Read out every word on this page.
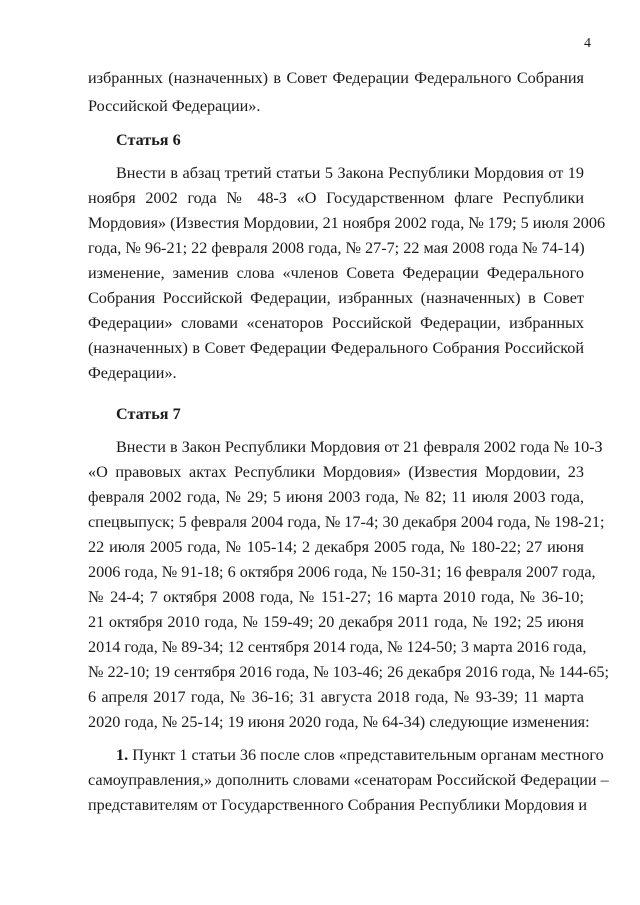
4
избранных (назначенных) в Совет Федерации Федерального Собрания
Российской Федерации».
Статья 6
Внести в абзац третий статьи 5 Закона Республики Мордовия от 19
ноября 2002 года № 48-З «О Государственном флаге Республики
Мордовия» (Известия Мордовии, 21 ноября 2002 года, № 179; 5 июля 2006
года, № 96-21; 22 февраля 2008 года, № 27-7; 22 мая 2008 года № 74-14)
изменение, заменив слова «членов Совета Федерации Федерального
Собрания Российской Федерации, избранных (назначенных) в Совет
Федерации» словами «сенаторов Российской Федерации, избранных
(назначенных) в Совет Федерации Федерального Собрания Российской
Федерации».
Статья 7
Внести в Закон Республики Мордовия от 21 февраля 2002 года № 10-З
«О правовых актах Республики Мордовия» (Известия Мордовии, 23
февраля 2002 года, № 29; 5 июня 2003 года, № 82; 11 июля 2003 года,
спецвыпуск; 5 февраля 2004 года, № 17-4; 30 декабря 2004 года, № 198-21;
22 июля 2005 года, № 105-14; 2 декабря 2005 года, № 180-22; 27 июня
2006 года, № 91-18; 6 октября 2006 года, № 150-31; 16 февраля 2007 года,
№ 24-4; 7 октября 2008 года, № 151-27; 16 марта 2010 года, № 36-10;
21 октября 2010 года, № 159-49; 20 декабря 2011 года, № 192; 25 июня
2014 года, № 89-34; 12 сентября 2014 года, № 124-50; 3 марта 2016 года,
№ 22-10; 19 сентября 2016 года, № 103-46; 26 декабря 2016 года, № 144-65;
6 апреля 2017 года, № 36-16; 31 августа 2018 года, № 93-39; 11 марта
2020 года, № 25-14; 19 июня 2020 года, № 64-34) следующие изменения:
1. Пункт 1 статьи 36 после слов «представительным органам местного
самоуправления,» дополнить словами «сенаторам Российской Федерации –
представителям от Государственного Собрания Республики Мордовия и
